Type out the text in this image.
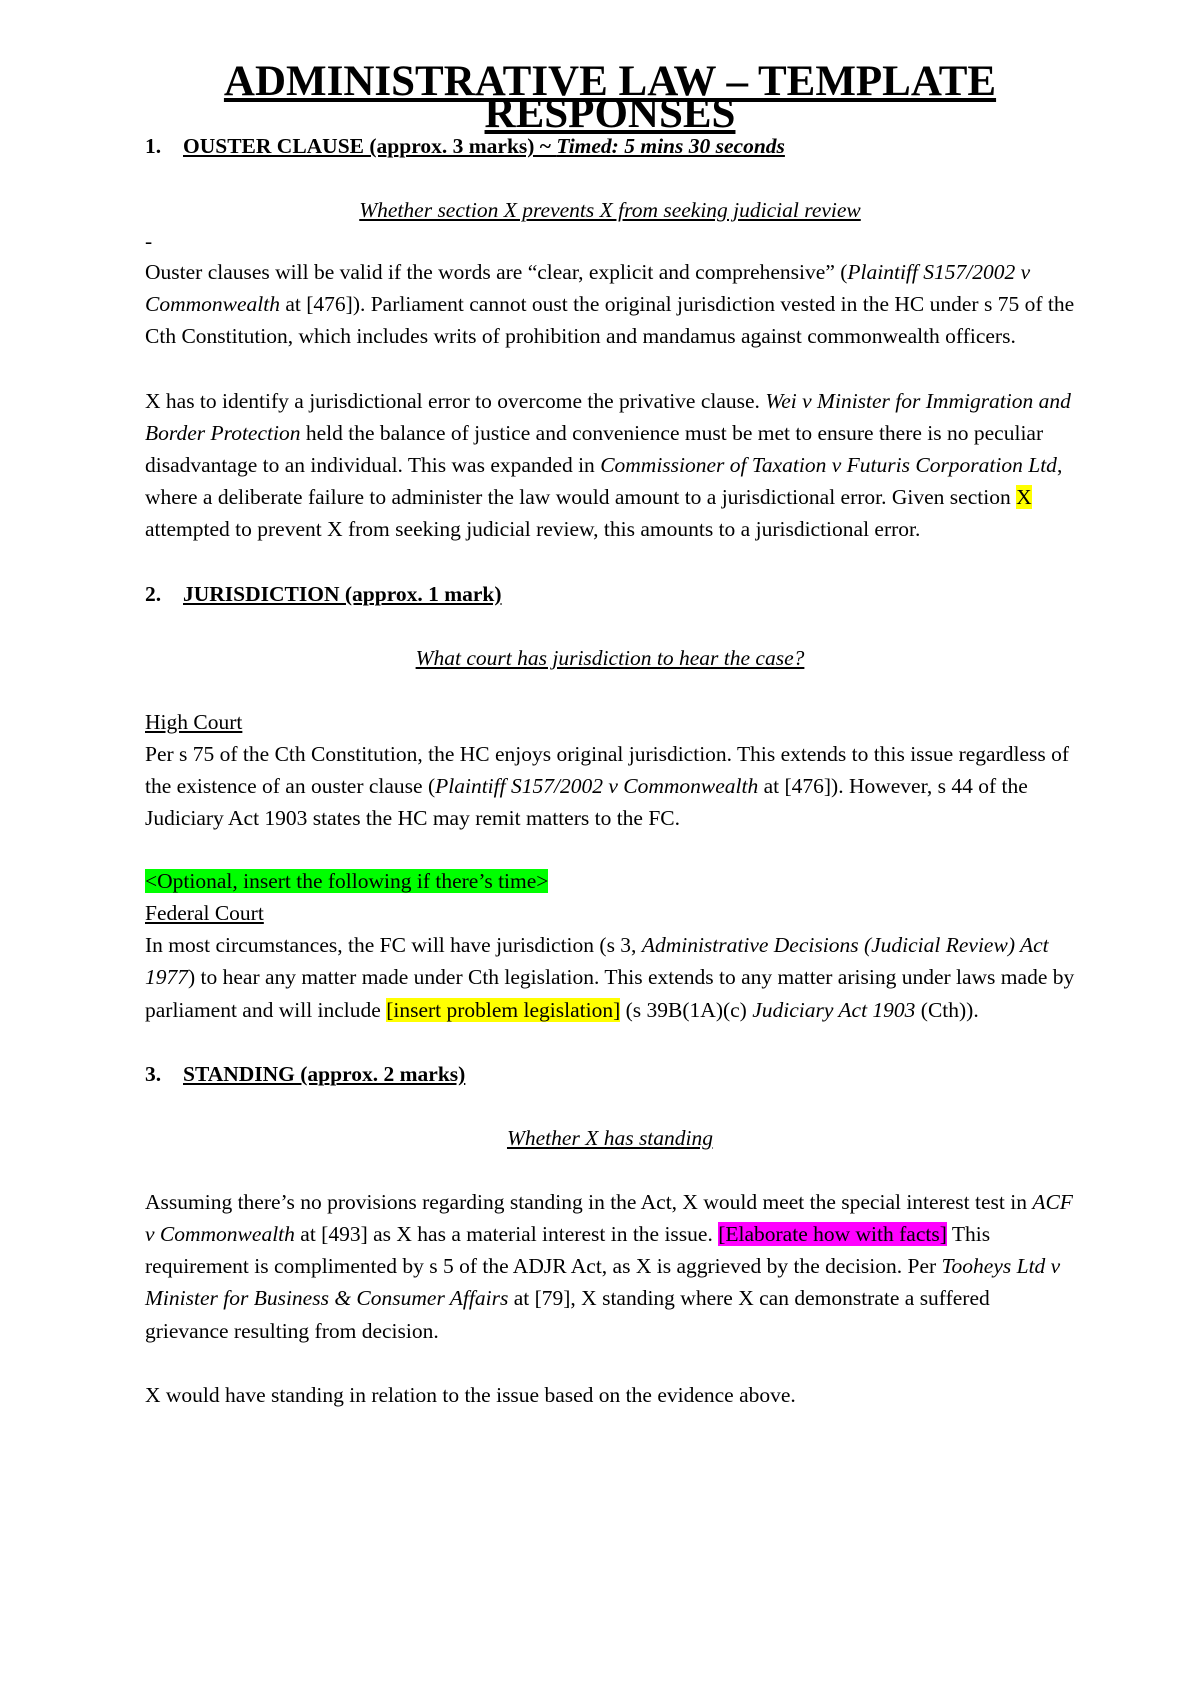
ADMINISTRATIVE LAW – TEMPLATE RESPONSES
1. OUSTER CLAUSE (approx. 3 marks) ~ Timed: 5 mins 30 seconds

Whether section X prevents X from seeking judicial review

-

Ouster clauses will be valid if the words are “clear, explicit and comprehensive” (Plaintiff S157/2002 v Commonwealth at [476]). Parliament cannot oust the original jurisdiction vested in the HC under s 75 of the Cth Constitution, which includes writs of prohibition and mandamus against commonwealth officers.

X has to identify a jurisdictional error to overcome the privative clause. Wei v Minister for Immigration and Border Protection held the balance of justice and convenience must be met to ensure there is no peculiar disadvantage to an individual. This was expanded in Commissioner of Taxation v Futuris Corporation Ltd, where a deliberate failure to administer the law would amount to a jurisdictional error. Given section X attempted to prevent X from seeking judicial review, this amounts to a jurisdictional error.

2. JURISDICTION (approx. 1 mark)

What court has jurisdiction to hear the case?

High Court

Per s 75 of the Cth Constitution, the HC enjoys original jurisdiction. This extends to this issue regardless of the existence of an ouster clause (Plaintiff S157/2002 v Commonwealth at [476]). However, s 44 of the Judiciary Act 1903 states the HC may remit matters to the FC.

<Optional, insert the following if there’s time>

Federal Court

In most circumstances, the FC will have jurisdiction (s 3, Administrative Decisions (Judicial Review) Act 1977) to hear any matter made under Cth legislation. This extends to any matter arising under laws made by parliament and will include [insert problem legislation] (s 39B(1A)(c) Judiciary Act 1903 (Cth)).

3. STANDING (approx. 2 marks)

Whether X has standing

Assuming there’s no provisions regarding standing in the Act, X would meet the special interest test in ACF v Commonwealth at [493] as X has a material interest in the issue. [Elaborate how with facts] This requirement is complimented by s 5 of the ADJR Act, as X is aggrieved by the decision. Per Tooheys Ltd v Minister for Business & Consumer Affairs at [79], X standing where X can demonstrate a suffered grievance resulting from decision.

X would have standing in relation to the issue based on the evidence above.
